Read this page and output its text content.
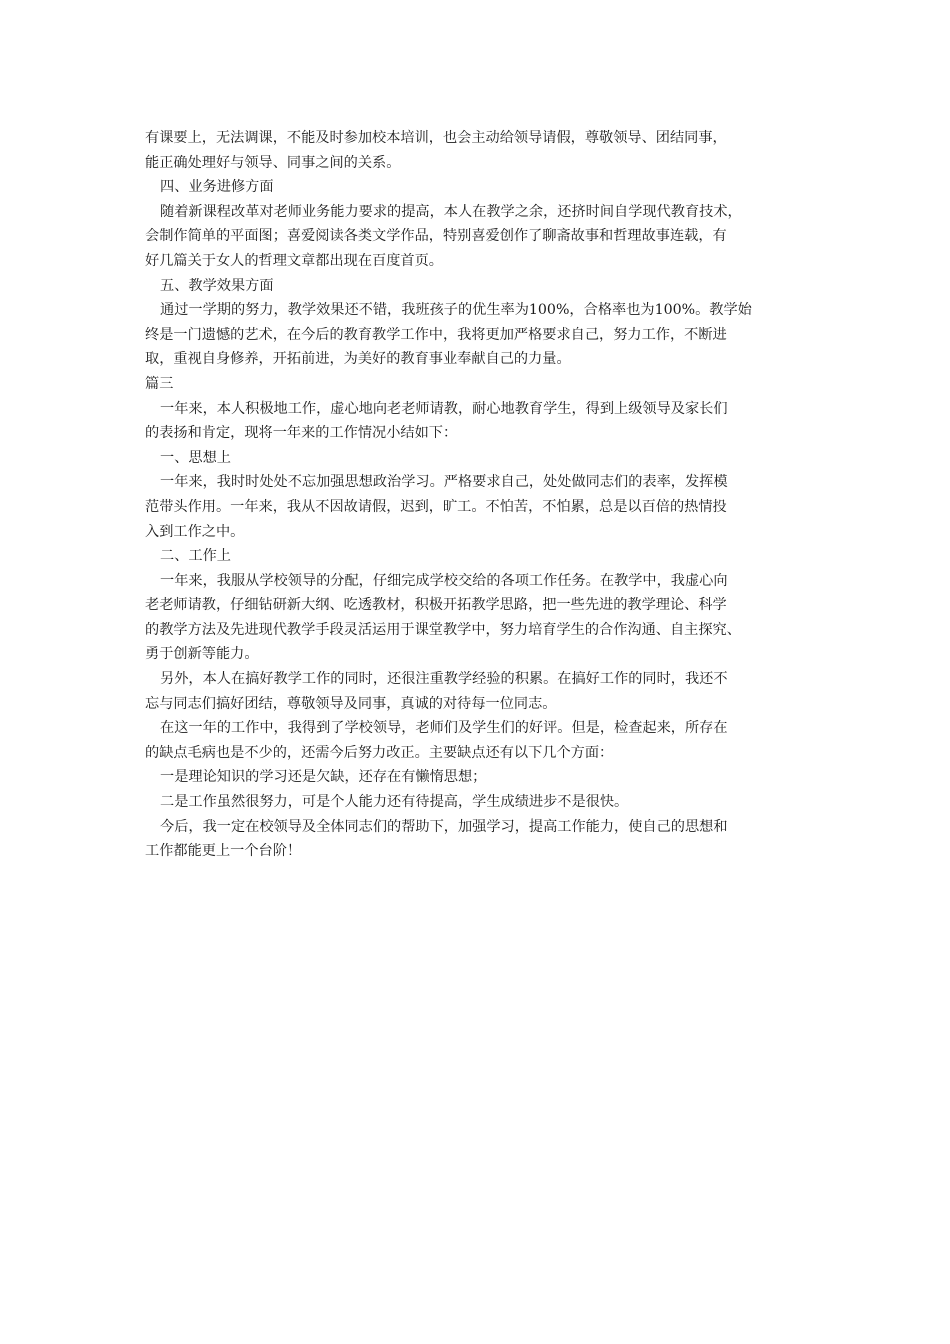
有课要上，无法调课，不能及时参加校本培训，也会主动给领导请假，尊敬领导、团结同事，
能正确处理好与领导、同事之间的关系。
四、业务进修方面
随着新课程改革对老师业务能力要求的提高，本人在教学之余，还挤时间自学现代教育技术，
会制作简单的平面图；喜爱阅读各类文学作品，特别喜爱创作了聊斋故事和哲理故事连载，有
好几篇关于女人的哲理文章都出现在百度首页。
五、教学效果方面
通过一学期的努力，教学效果还不错，我班孩子的优生率为100%，合格率也为100%。教学始
终是一门遗憾的艺术，在今后的教育教学工作中，我将更加严格要求自己，努力工作，不断进
取，重视自身修养，开拓前进，为美好的教育事业奉献自己的力量。
篇三
一年来，本人积极地工作，虚心地向老老师请教，耐心地教育学生，得到上级领导及家长们
的表扬和肯定，现将一年来的工作情况小结如下：
一、思想上
一年来，我时时处处不忘加强思想政治学习。严格要求自己，处处做同志们的表率，发挥模
范带头作用。一年来，我从不因故请假，迟到，旷工。不怕苦，不怕累，总是以百倍的热情投
入到工作之中。
二、工作上
一年来，我服从学校领导的分配，仔细完成学校交给的各项工作任务。在教学中，我虚心向
老老师请教，仔细钻研新大纲、吃透教材，积极开拓教学思路，把一些先进的教学理论、科学
的教学方法及先进现代教学手段灵活运用于课堂教学中，努力培育学生的合作沟通、自主探究、
勇于创新等能力。
另外，本人在搞好教学工作的同时，还很注重教学经验的积累。在搞好工作的同时，我还不
忘与同志们搞好团结，尊敬领导及同事，真诚的对待每一位同志。
在这一年的工作中，我得到了学校领导，老师们及学生们的好评。但是，检查起来，所存在
的缺点毛病也是不少的，还需今后努力改正。主要缺点还有以下几个方面：
一是理论知识的学习还是欠缺，还存在有懒惰思想；
二是工作虽然很努力，可是个人能力还有待提高，学生成绩进步不是很快。
今后，我一定在校领导及全体同志们的帮助下，加强学习，提高工作能力，使自己的思想和
工作都能更上一个台阶！
